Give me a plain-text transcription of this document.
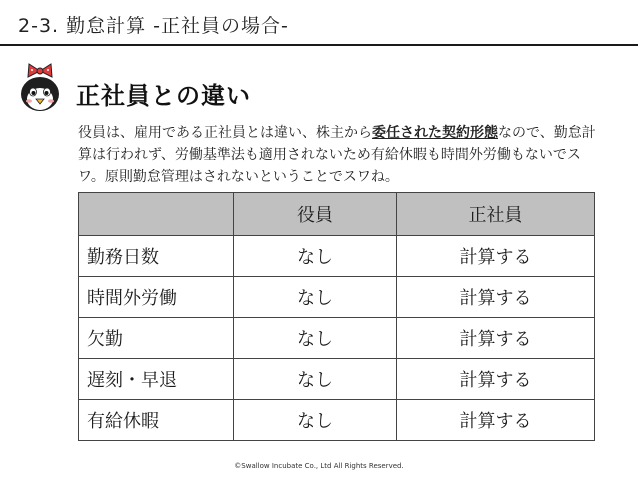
2-3. 勤怠計算 -正社員の場合-
正社員との違い
役員は、雇用である正社員とは違い、株主から委任された契約形態なので、勤怠計算は行われず、労働基準法も適用されないため有給休暇も時間外労働もないでスワ。原則勤怠管理はされないということでスワね。
	役員	正社員
勤務日数	なし	計算する
時間外労働	なし	計算する
欠勤	なし	計算する
遅刻・早退	なし	計算する
有給休暇	なし	計算する
©Swallow Incubate Co., Ltd All Rights Reserved.
